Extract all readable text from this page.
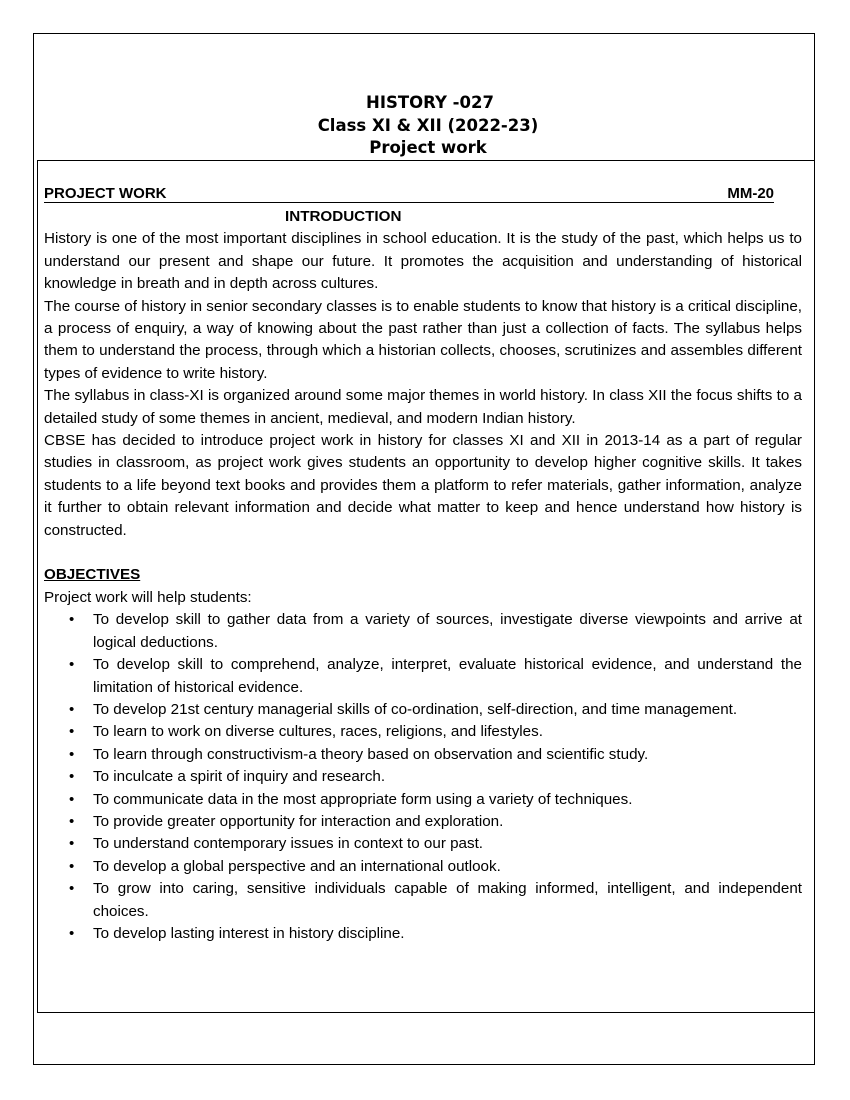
HISTORY -027
Class XI & XII (2022-23)
Project work
PROJECT WORK	MM-20
INTRODUCTION

History is one of the most important disciplines in school education. It is the study of the past, which helps us to understand our present and shape our future. It promotes the acquisition and understanding of historical knowledge in breath and in depth across cultures.

The course of history in senior secondary classes is to enable students to know that history is a critical discipline, a process of enquiry, a way of knowing about the past rather than just a collection of facts. The syllabus helps them to understand the process, through which a historian collects, chooses, scrutinizes and assembles different types of evidence to write history.

The syllabus in class-XI is organized around some major themes in world history. In class XII the focus shifts to a detailed study of some themes in ancient, medieval, and modern Indian history.

CBSE has decided to introduce project work in history for classes XI and XII in 2013-14 as a part of regular studies in classroom, as project work gives students an opportunity to develop higher cognitive skills. It takes students to a life beyond text books and provides them a platform to refer materials, gather information, analyze it further to obtain relevant information and decide what matter to keep and hence understand how history is constructed.

OBJECTIVES
Project work will help students:
• To develop skill to gather data from a variety of sources, investigate diverse viewpoints and arrive at logical deductions.
• To develop skill to comprehend, analyze, interpret, evaluate historical evidence, and understand the limitation of historical evidence.
• To develop 21st century managerial skills of co-ordination, self-direction, and time management.
• To learn to work on diverse cultures, races, religions, and lifestyles.
• To learn through constructivism-a theory based on observation and scientific study.
• To inculcate a spirit of inquiry and research.
• To communicate data in the most appropriate form using a variety of techniques.
• To provide greater opportunity for interaction and exploration.
• To understand contemporary issues in context to our past.
• To develop a global perspective and an international outlook.
• To grow into caring, sensitive individuals capable of making informed, intelligent, and independent choices.
• To develop lasting interest in history discipline.
